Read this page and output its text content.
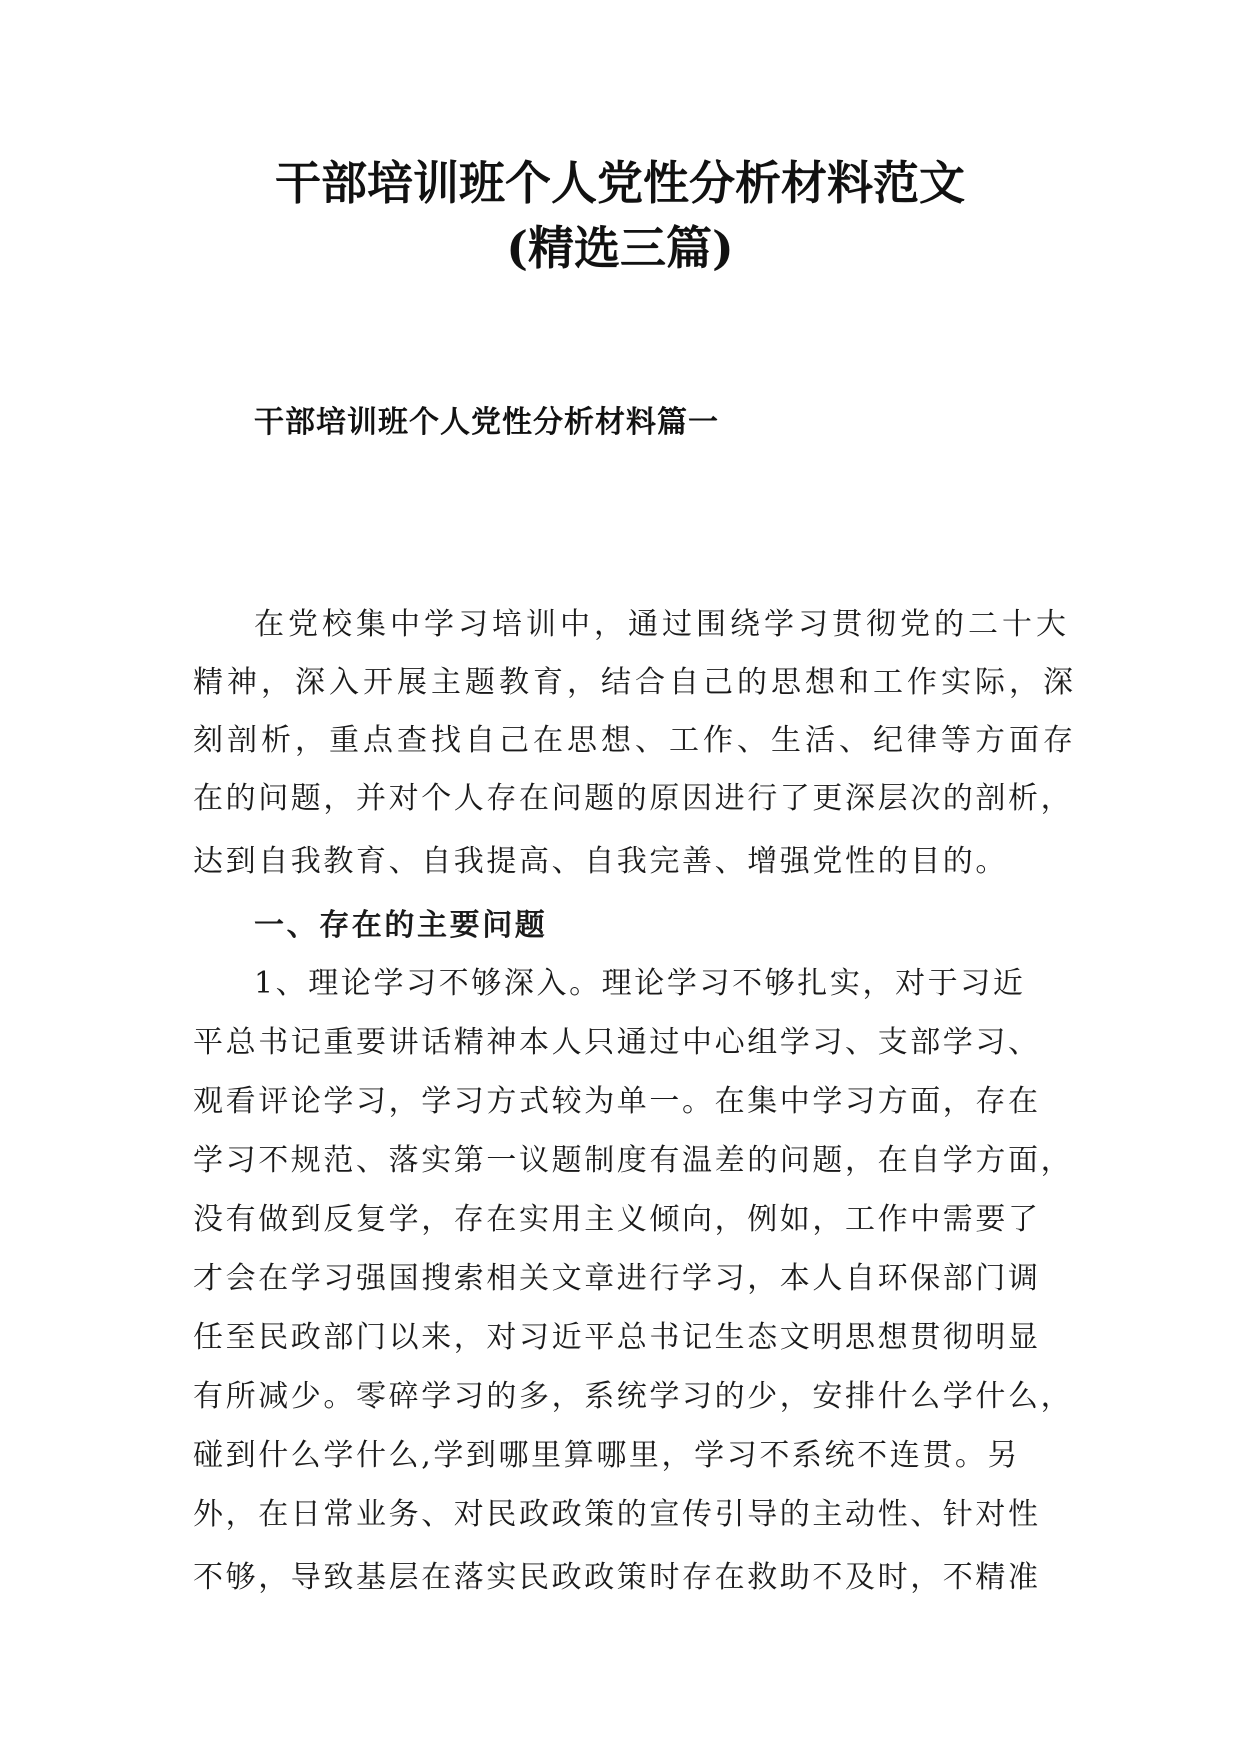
干部培训班个人党性分析材料范文
(精选三篇)
干部培训班个人党性分析材料篇一
在党校集中学习培训中，通过围绕学习贯彻党的二十大
精神，深入开展主题教育，结合自己的思想和工作实际，深
刻剖析，重点查找自己在思想、工作、生活、纪律等方面存
在的问题，并对个人存在问题的原因进行了更深层次的剖析，
达到自我教育、自我提高、自我完善、增强党性的目的。
一、存在的主要问题
1、理论学习不够深入。理论学习不够扎实，对于习近
平总书记重要讲话精神本人只通过中心组学习、支部学习、
观看评论学习，学习方式较为单一。在集中学习方面，存在
学习不规范、落实第一议题制度有温差的问题，在自学方面，
没有做到反复学，存在实用主义倾向，例如，工作中需要了
才会在学习强国搜索相关文章进行学习，本人自环保部门调
任至民政部门以来，对习近平总书记生态文明思想贯彻明显
有所减少。零碎学习的多，系统学习的少，安排什么学什么，
碰到什么学什么,学到哪里算哪里，学习不系统不连贯。另
外，在日常业务、对民政政策的宣传引导的主动性、针对性
不够，导致基层在落实民政政策时存在救助不及时，不精准
